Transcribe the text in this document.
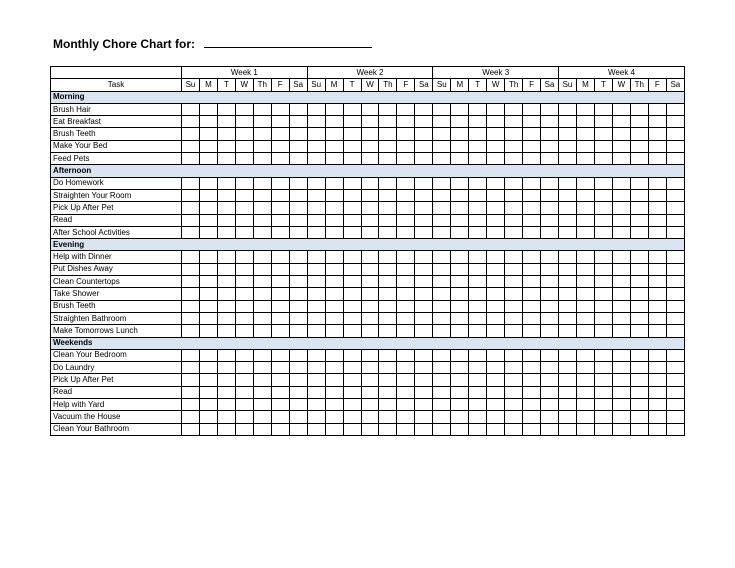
Monthly Chore Chart for:
	Week 1							Week 2							Week 3							Week 4						
Task	Su	M	T	W	Th	F	Sa	Su	M	T	W	Th	F	Sa	Su	M	T	W	Th	F	Sa	Su	M	T	W	Th	F	Sa
Morning																												
Brush Hair																												
Eat Breakfast																												
Brush Teeth																												
Make Your Bed																												
Feed Pets																												
Afternoon																												
Do Homework																												
Straighten Your Room																												
Pick Up After Pet																												
Read																												
After School Activities																												
Evening																												
Help with Dinner																												
Put Dishes Away																												
Clean Countertops																												
Take Shower																												
Brush Teeth																												
Straighten Bathroom																												
Make Tomorrows Lunch																												
Weekends																												
Clean Your Bedroom																												
Do Laundry																												
Pick Up After Pet																												
Read																												
Help with Yard																												
Vacuum the House																												
Clean Your Bathroom																												
